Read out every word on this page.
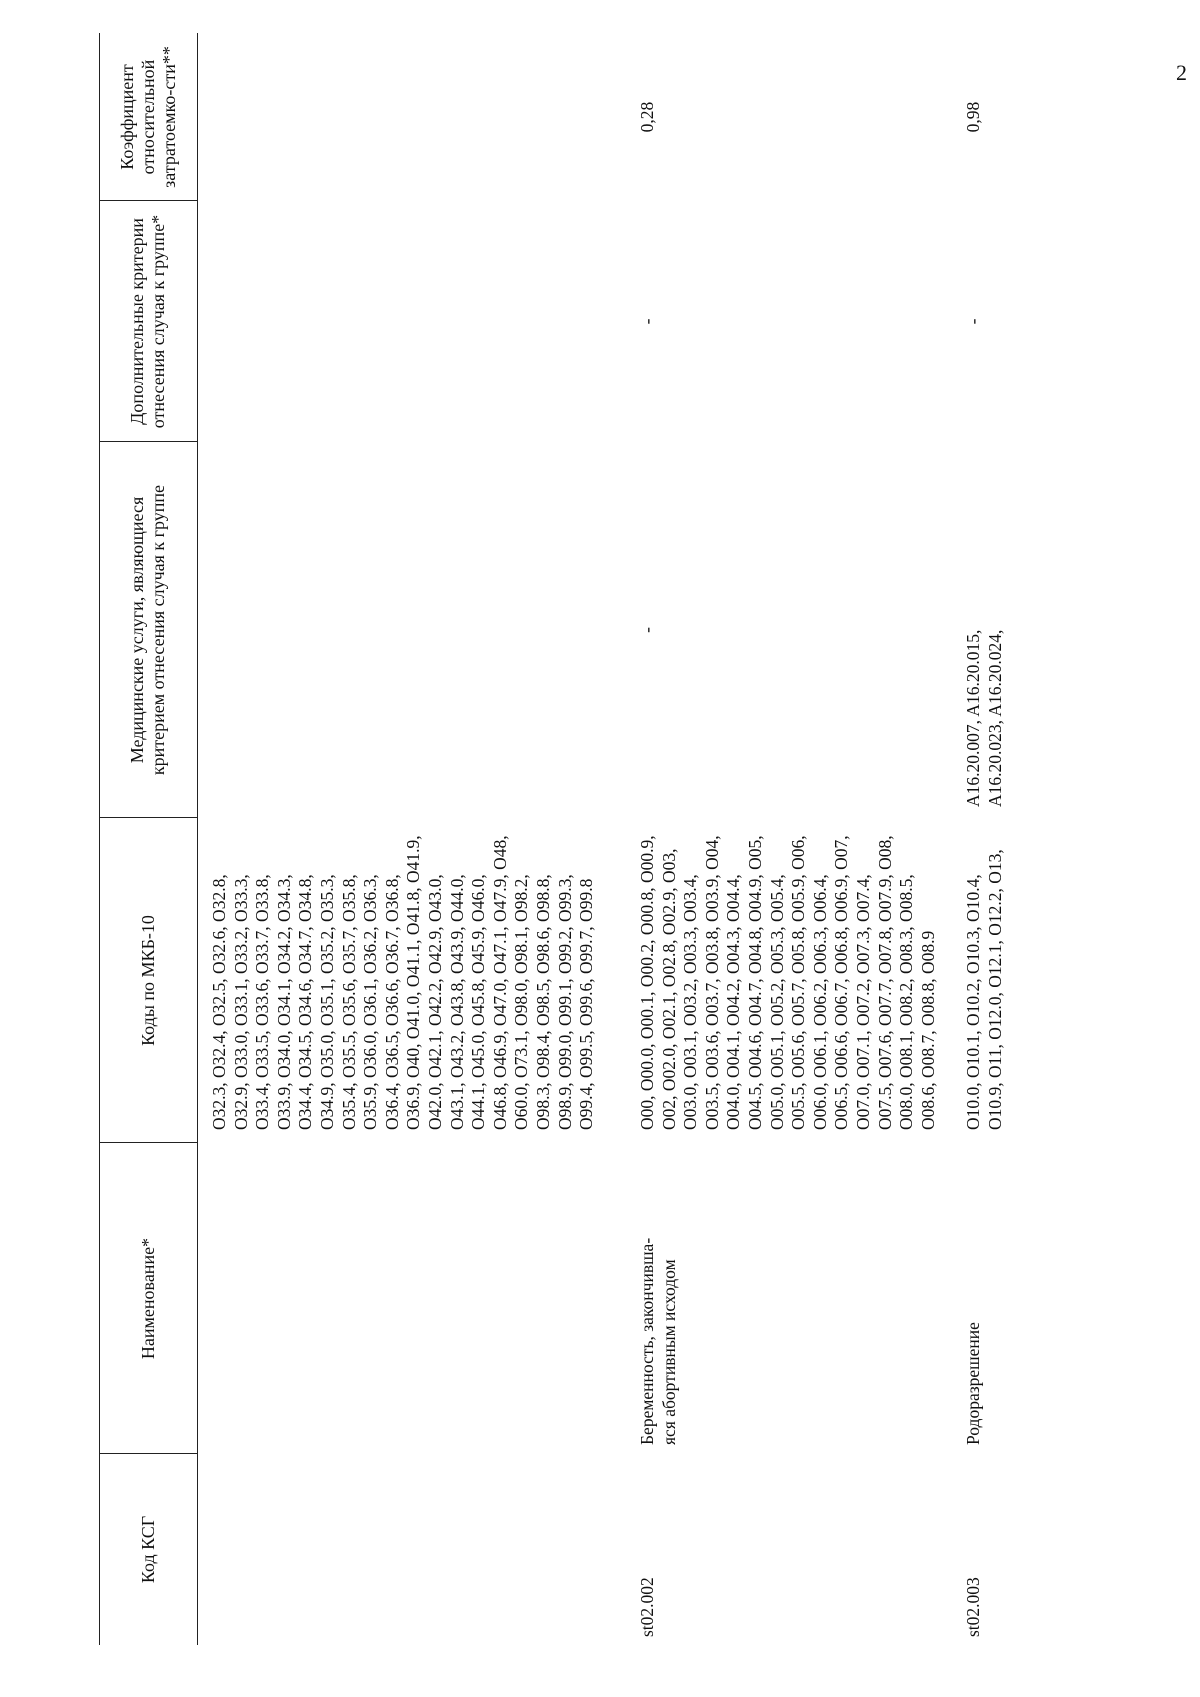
2
Код КСГ
Наименование*
Коды по МКБ-10
Медицинские услуги, являющиеся критерием отнесения случая к группе
Дополнительные критерии отнесения случая к группе*
Коэффициент относительной затратоемко-сти**
О32.3, О32.4, О32.5, О32.6, О32.8,
О32.9, О33.0, О33.1, О33.2, О33.3,
О33.4, О33.5, О33.6, О33.7, О33.8,
О33.9, О34.0, О34.1, О34.2, О34.3,
О34.4, О34.5, О34.6, О34.7, О34.8,
О34.9, О35.0, О35.1, О35.2, О35.3,
О35.4, О35.5, О35.6, О35.7, О35.8,
О35.9, О36.0, О36.1, О36.2, О36.3,
О36.4, О36.5, О36.6, О36.7, О36.8,
О36.9, О40, О41.0, О41.1, О41.8, О41.9,
О42.0, О42.1, О42.2, О42.9, О43.0,
О43.1, О43.2, О43.8, О43.9, О44.0,
О44.1, О45.0, О45.8, О45.9, О46.0,
О46.8, О46.9, О47.0, О47.1, О47.9, О48,
О60.0, О73.1, О98.0, О98.1, О98.2,
О98.3, О98.4, О98.5, О98.6, О98.8,
О98.9, О99.0, О99.1, О99.2, О99.3,
О99.4, О99.5, О99.6, О99.7, О99.8
st02.002
Беременность, закончивша-
яся абортивным исходом
О00, О00.0, О00.1, О00.2, О00.8, О00.9,
О02, О02.0, О02.1, О02.8, О02.9, О03,
О03.0, О03.1, О03.2, О03.3, О03.4,
О03.5, О03.6, О03.7, О03.8, О03.9, О04,
О04.0, О04.1, О04.2, О04.3, О04.4,
О04.5, О04.6, О04.7, О04.8, О04.9, О05,
О05.0, О05.1, О05.2, О05.3, О05.4,
О05.5, О05.6, О05.7, О05.8, О05.9, О06,
О06.0, О06.1, О06.2, О06.3, О06.4,
О06.5, О06.6, О06.7, О06.8, О06.9, О07,
О07.0, О07.1, О07.2, О07.3, О07.4,
О07.5, О07.6, О07.7, О07.8, О07.9, О08,
О08.0, О08.1, О08.2, О08.3, О08.5,
О08.6, О08.7, О08.8, О08.9
-
-
0,28
st02.003
Родоразрешение
О10.0, О10.1, О10.2, О10.3, О10.4,
О10.9, О11, О12.0, О12.1, О12.2, О13,
A16.20.007, A16.20.015,
A16.20.023, A16.20.024,
-
0,98
